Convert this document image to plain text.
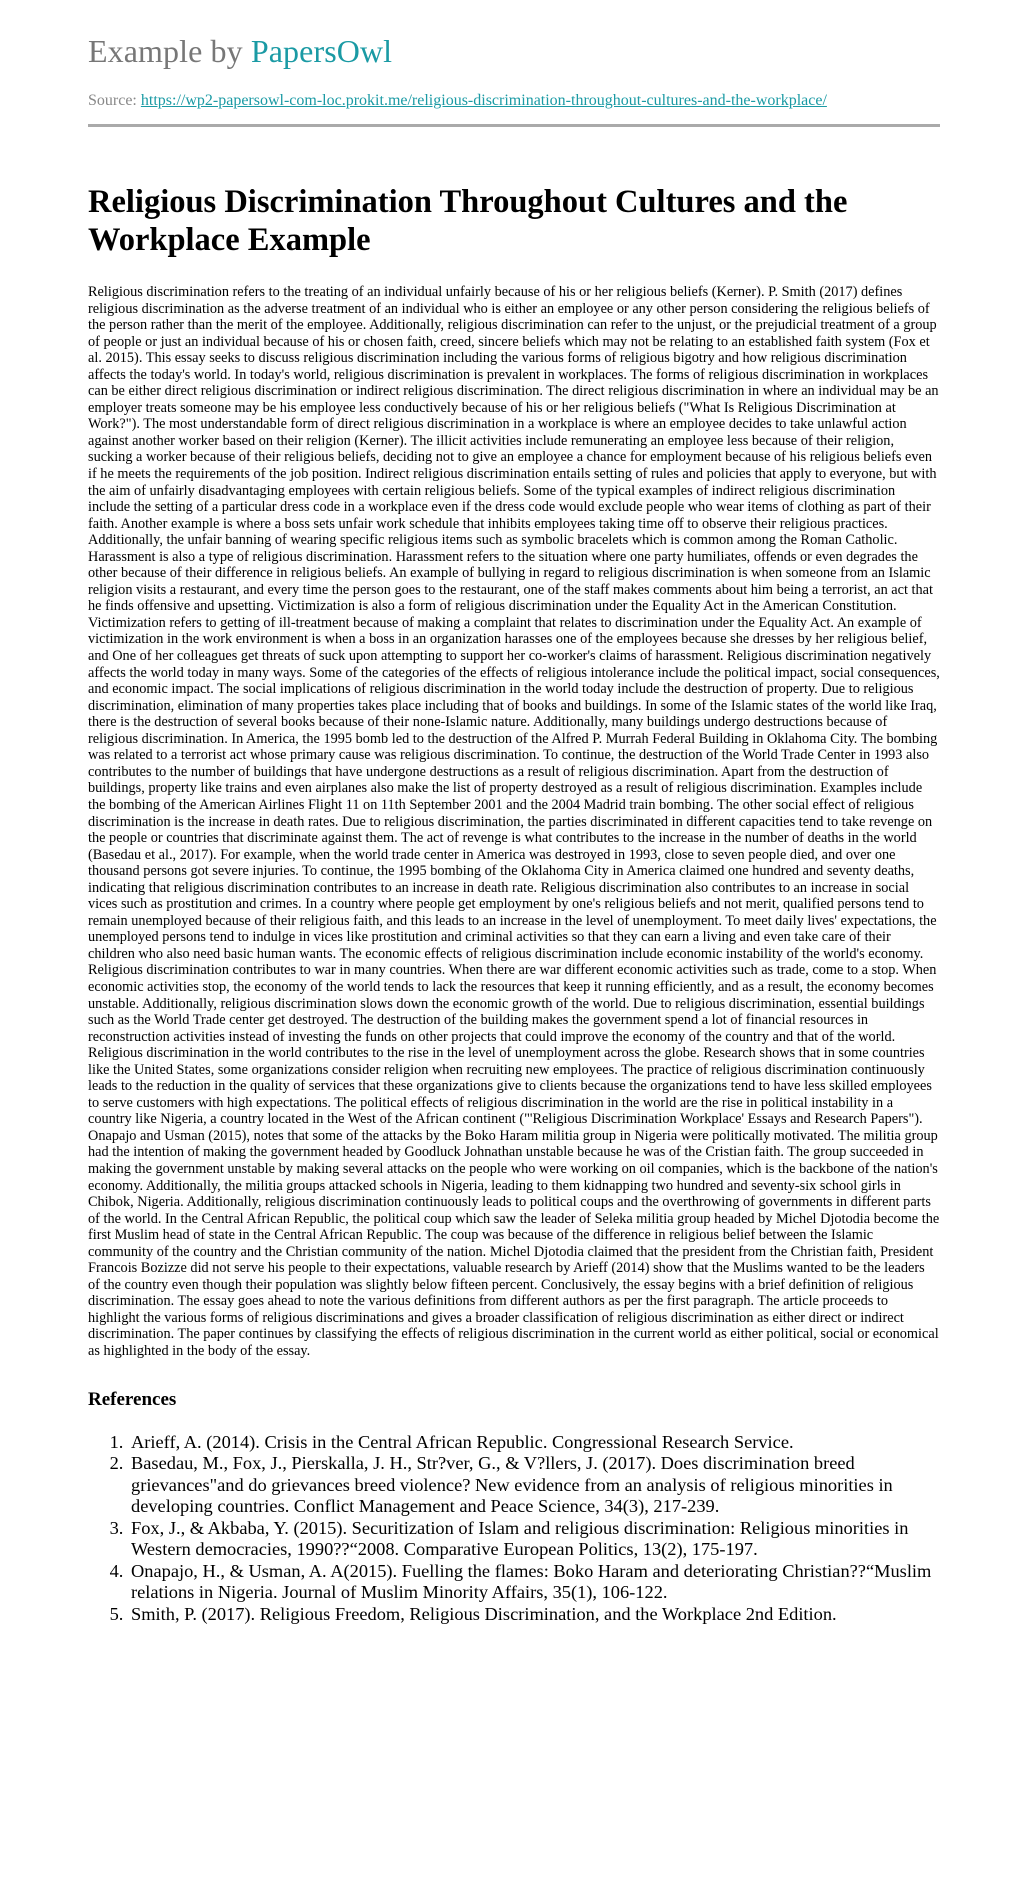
Example by PapersOwl
Source: https://wp2-papersowl-com-loc.prokit.me/religious-discrimination-throughout-cultures-and-the-workplace/
Religious Discrimination Throughout Cultures and the Workplace Example
Religious discrimination refers to the treating of an individual unfairly because of his or her religious beliefs (Kerner). P. Smith (2017) defines religious discrimination as the adverse treatment of an individual who is either an employee or any other person considering the religious beliefs of the person rather than the merit of the employee. Additionally, religious discrimination can refer to the unjust, or the prejudicial treatment of a group of people or just an individual because of his or chosen faith, creed, sincere beliefs which may not be relating to an established faith system (Fox et al. 2015). This essay seeks to discuss religious discrimination including the various forms of religious bigotry and how religious discrimination affects the today's world. In today's world, religious discrimination is prevalent in workplaces. The forms of religious discrimination in workplaces can be either direct religious discrimination or indirect religious discrimination. The direct religious discrimination in where an individual may be an employer treats someone may be his employee less conductively because of his or her religious beliefs ("What Is Religious Discrimination at Work?"). The most understandable form of direct religious discrimination in a workplace is where an employee decides to take unlawful action against another worker based on their religion (Kerner). The illicit activities include remunerating an employee less because of their religion, sucking a worker because of their religious beliefs, deciding not to give an employee a chance for employment because of his religious beliefs even if he meets the requirements of the job position. Indirect religious discrimination entails setting of rules and policies that apply to everyone, but with the aim of unfairly disadvantaging employees with certain religious beliefs. Some of the typical examples of indirect religious discrimination include the setting of a particular dress code in a workplace even if the dress code would exclude people who wear items of clothing as part of their faith. Another example is where a boss sets unfair work schedule that inhibits employees taking time off to observe their religious practices. Additionally, the unfair banning of wearing specific religious items such as symbolic bracelets which is common among the Roman Catholic. Harassment is also a type of religious discrimination. Harassment refers to the situation where one party humiliates, offends or even degrades the other because of their difference in religious beliefs. An example of bullying in regard to religious discrimination is when someone from an Islamic religion visits a restaurant, and every time the person goes to the restaurant, one of the staff makes comments about him being a terrorist, an act that he finds offensive and upsetting. Victimization is also a form of religious discrimination under the Equality Act in the American Constitution. Victimization refers to getting of ill-treatment because of making a complaint that relates to discrimination under the Equality Act. An example of victimization in the work environment is when a boss in an organization harasses one of the employees because she dresses by her religious belief, and One of her colleagues get threats of suck upon attempting to support her co-worker's claims of harassment. Religious discrimination negatively affects the world today in many ways. Some of the categories of the effects of religious intolerance include the political impact, social consequences, and economic impact. The social implications of religious discrimination in the world today include the destruction of property. Due to religious discrimination, elimination of many properties takes place including that of books and buildings. In some of the Islamic states of the world like Iraq, there is the destruction of several books because of their none-Islamic nature. Additionally, many buildings undergo destructions because of religious discrimination. In America, the 1995 bomb led to the destruction of the Alfred P. Murrah Federal Building in Oklahoma City. The bombing was related to a terrorist act whose primary cause was religious discrimination. To continue, the destruction of the World Trade Center in 1993 also contributes to the number of buildings that have undergone destructions as a result of religious discrimination. Apart from the destruction of buildings, property like trains and even airplanes also make the list of property destroyed as a result of religious discrimination. Examples include the bombing of the American Airlines Flight 11 on 11th September 2001 and the 2004 Madrid train bombing. The other social effect of religious discrimination is the increase in death rates. Due to religious discrimination, the parties discriminated in different capacities tend to take revenge on the people or countries that discriminate against them. The act of revenge is what contributes to the increase in the number of deaths in the world (Basedau et al., 2017). For example, when the world trade center in America was destroyed in 1993, close to seven people died, and over one thousand persons got severe injuries. To continue, the 1995 bombing of the Oklahoma City in America claimed one hundred and seventy deaths, indicating that religious discrimination contributes to an increase in death rate. Religious discrimination also contributes to an increase in social vices such as prostitution and crimes. In a country where people get employment by one's religious beliefs and not merit, qualified persons tend to remain unemployed because of their religious faith, and this leads to an increase in the level of unemployment. To meet daily lives' expectations, the unemployed persons tend to indulge in vices like prostitution and criminal activities so that they can earn a living and even take care of their children who also need basic human wants. The economic effects of religious discrimination include economic instability of the world's economy. Religious discrimination contributes to war in many countries. When there are war different economic activities such as trade, come to a stop. When economic activities stop, the economy of the world tends to lack the resources that keep it running efficiently, and as a result, the economy becomes unstable. Additionally, religious discrimination slows down the economic growth of the world. Due to religious discrimination, essential buildings such as the World Trade center get destroyed. The destruction of the building makes the government spend a lot of financial resources in reconstruction activities instead of investing the funds on other projects that could improve the economy of the country and that of the world. Religious discrimination in the world contributes to the rise in the level of unemployment across the globe. Research shows that in some countries like the United States, some organizations consider religion when recruiting new employees. The practice of religious discrimination continuously leads to the reduction in the quality of services that these organizations give to clients because the organizations tend to have less skilled employees to serve customers with high expectations. The political effects of religious discrimination in the world are the rise in political instability in a country like Nigeria, a country located in the West of the African continent ("'Religious Discrimination Workplace' Essays and Research Papers"). Onapajo and Usman (2015), notes that some of the attacks by the Boko Haram militia group in Nigeria were politically motivated. The militia group had the intention of making the government headed by Goodluck Johnathan unstable because he was of the Cristian faith. The group succeeded in making the government unstable by making several attacks on the people who were working on oil companies, which is the backbone of the nation's economy. Additionally, the militia groups attacked schools in Nigeria, leading to them kidnapping two hundred and seventy-six school girls in Chibok, Nigeria. Additionally, religious discrimination continuously leads to political coups and the overthrowing of governments in different parts of the world. In the Central African Republic, the political coup which saw the leader of Seleka militia group headed by Michel Djotodia become the first Muslim head of state in the Central African Republic. The coup was because of the difference in religious belief between the Islamic community of the country and the Christian community of the nation. Michel Djotodia claimed that the president from the Christian faith, President Francois Bozizze did not serve his people to their expectations, valuable research by Arieff (2014) show that the Muslims wanted to be the leaders of the country even though their population was slightly below fifteen percent. Conclusively, the essay begins with a brief definition of religious discrimination. The essay goes ahead to note the various definitions from different authors as per the first paragraph. The article proceeds to highlight the various forms of religious discriminations and gives a broader classification of religious discrimination as either direct or indirect discrimination. The paper continues by classifying the effects of religious discrimination in the current world as either political, social or economical as highlighted in the body of the essay.
References
1. Arieff, A. (2014). Crisis in the Central African Republic. Congressional Research Service.
2. Basedau, M., Fox, J., Pierskalla, J. H., Str?ver, G., & V?llers, J. (2017). Does discrimination breed grievances"and do grievances breed violence? New evidence from an analysis of religious minorities in developing countries. Conflict Management and Peace Science, 34(3), 217-239.
3. Fox, J., & Akbaba, Y. (2015). Securitization of Islam and religious discrimination: Religious minorities in Western democracies, 1990??“2008. Comparative European Politics, 13(2), 175-197.
4. Onapajo, H., & Usman, A. A(2015). Fuelling the flames: Boko Haram and deteriorating Christian??“Muslim relations in Nigeria. Journal of Muslim Minority Affairs, 35(1), 106-122.
5. Smith, P. (2017). Religious Freedom, Religious Discrimination, and the Workplace 2nd Edition.
